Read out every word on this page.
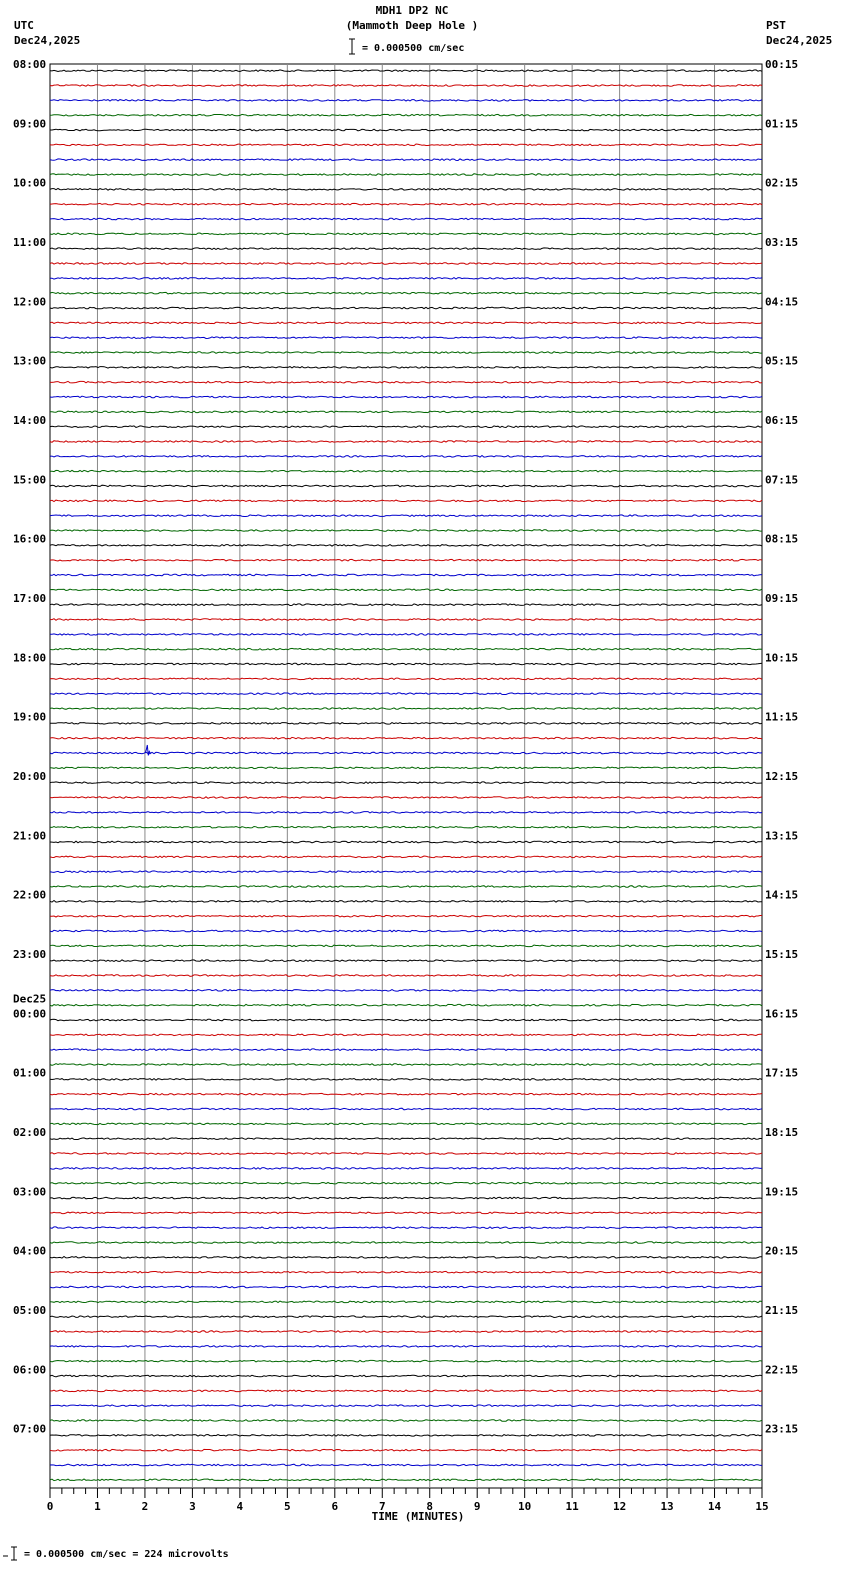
UTC
Dec24,2025
MDH1 DP2 NC
(Mammoth Deep Hole )
= 0.000500 cm/sec
PST
Dec24,2025
= 0.000500 cm/sec = 224 microvolts
08:00
09:00
10:00
11:00
12:00
13:00
14:00
15:00
16:00
17:00
18:00
19:00
20:00
21:00
22:00
23:00
00:00
01:00
02:00
03:00
04:00
05:00
06:00
07:00
Dec25
00:15
01:15
02:15
03:15
04:15
05:15
06:15
07:15
08:15
09:15
10:15
11:15
12:15
13:15
14:15
15:15
16:15
17:15
18:15
19:15
20:15
21:15
22:15
23:15
0	1	2	3	4	5	6	7	8	9	10	11	12	13	14	15
TIME (MINUTES)
